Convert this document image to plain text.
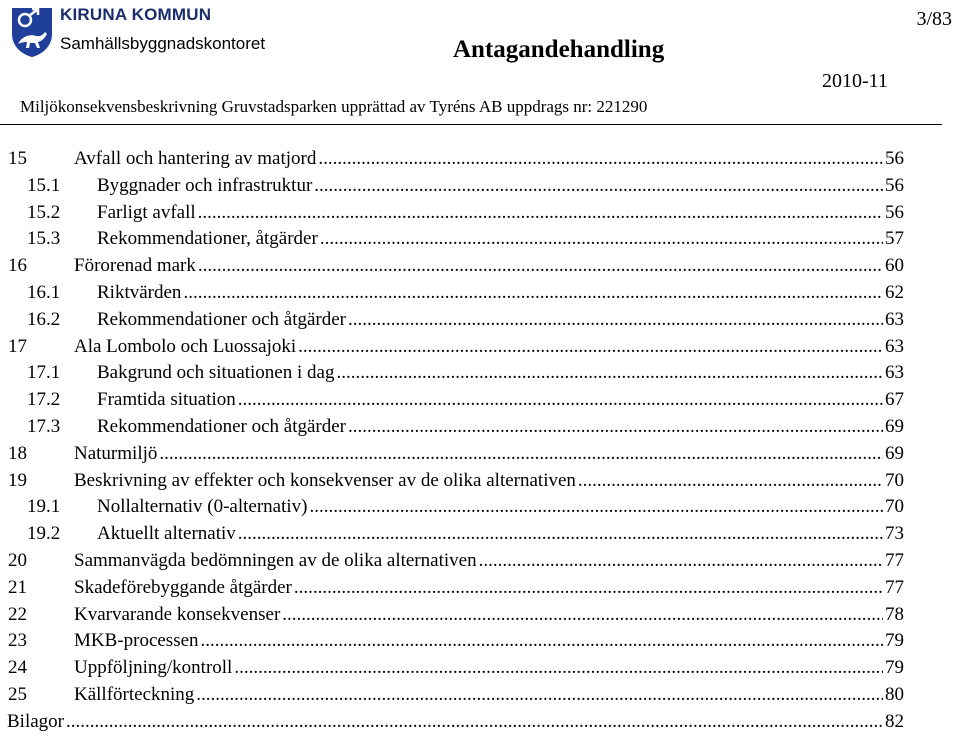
KIRUNA KOMMUN
Samhällsbyggnadskontoret	Antagandehandling
3/83
2010-11
Miljökonsekvensbeskrivning Gruvstadsparken upprättad av Tyréns AB uppdrags nr: 221290
15 Avfall och hantering av matjord .....	56
15.1 Byggnader och infrastruktur .....	56
15.2 Farligt avfall .....	56
15.3 Rekommendationer, åtgärder .....	57
16 Förorenad mark .....	60
16.1 Riktvärden .....	62
16.2 Rekommendationer och åtgärder .....	63
17 Ala Lombolo och Luossajoki .....	63
17.1 Bakgrund och situationen i dag .....	63
17.2 Framtida situation .....	67
17.3 Rekommendationer och åtgärder .....	69
18 Naturmiljö .....	69
19 Beskrivning av effekter och konsekvenser av de olika alternativen .....	70
19.1 Nollalternativ (0-alternativ) .....	70
19.2 Aktuellt alternativ .....	73
20 Sammanvägda bedömningen av de olika alternativen .....	77
21 Skadeförebyggande åtgärder .....	77
22 Kvarvarande konsekvenser .....	78
23 MKB-processen .....	79
24 Uppföljning/kontroll .....	79
25 Källförteckning .....	80
Bilagor .....	82
